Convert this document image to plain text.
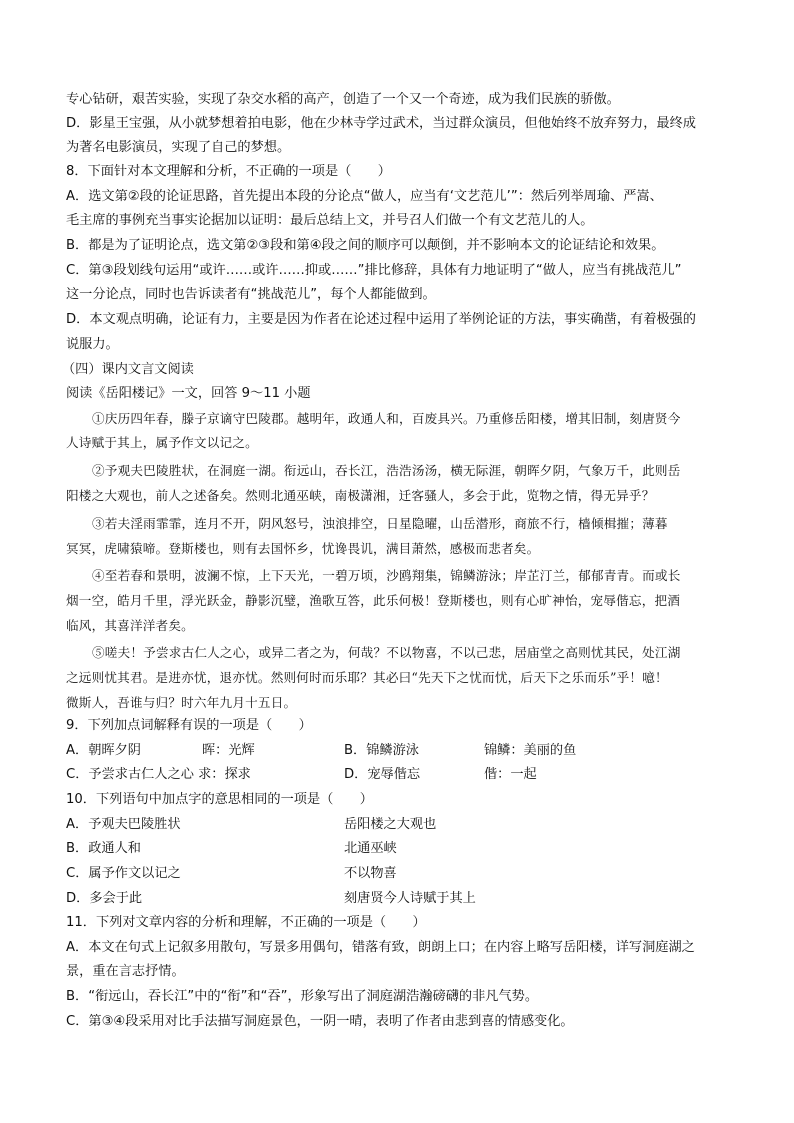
专心钻研，艰苦实验，实现了杂交水稻的高产，创造了一个又一个奇迹，成为我们民族的骄傲。
D．影星王宝强，从小就梦想着拍电影，他在少林寺学过武术，当过群众演员，但他始终不放弃努力，最终成
为著名电影演员，实现了自己的梦想。
8．下面针对本文理解和分析，不正确的一项是（　　）
A．选文第②段的论证思路，首先提出本段的分论点“做人，应当有‘文艺范儿’”：然后列举周瑜、严嵩、
毛主席的事例充当事实论据加以证明：最后总结上文，并号召人们做一个有文艺范儿的人。
B．都是为了证明论点，选文第②③段和第④段之间的顺序可以颠倒，并不影响本文的论证结论和效果。
C．第③段划线句运用“或许……或许……抑或……”排比修辞，具体有力地证明了“做人，应当有挑战范儿”
这一分论点，同时也告诉读者有“挑战范儿”，每个人都能做到。
D．本文观点明确，论证有力，主要是因为作者在论述过程中运用了举例论证的方法，事实确凿，有着极强的
说服力。
（四）课内文言文阅读
阅读《岳阳楼记》一文，回答 9～11 小题
①庆历四年春，滕子京谪守巴陵郡。越明年，政通人和，百废具兴。乃重修岳阳楼，增其旧制，刻唐贤今
人诗赋于其上，属予作文以记之。
②予观夫巴陵胜状，在洞庭一湖。衔远山，吞长江，浩浩汤汤，横无际涯，朝晖夕阴，气象万千，此则岳
阳楼之大观也，前人之述备矣。然则北通巫峡，南极潇湘，迁客骚人，多会于此，览物之情，得无异乎？
③若夫淫雨霏霏，连月不开，阴风怒号，浊浪排空，日星隐曜，山岳潜形，商旅不行，樯倾楫摧；薄暮
冥冥，虎啸猿啼。登斯楼也，则有去国怀乡，忧谗畏讥，满目萧然，感极而悲者矣。
④至若春和景明，波澜不惊，上下天光，一碧万顷，沙鸥翔集，锦鳞游泳；岸芷汀兰，郁郁青青。而或长
烟一空，皓月千里，浮光跃金，静影沉璧，渔歌互答，此乐何极！登斯楼也，则有心旷神怡，宠辱偕忘，把酒
临风，其喜洋洋者矣。
⑤嗟夫！予尝求古仁人之心，或异二者之为，何哉？不以物喜，不以己悲，居庙堂之高则忧其民，处江湖
之远则忧其君。是进亦忧，退亦忧。然则何时而乐耶？其必曰“先天下之忧而忧，后天下之乐而乐”乎！噫！
微斯人，吾谁与归？时六年九月十五日。
9．下列加点词解释有误的一项是（　　）
A．朝晖夕阴	晖：光辉	B．锦鳞游泳	锦鳞：美丽的鱼
C．予尝求古仁人之心 求：探求	D．宠辱偕忘	偕：一起
10．下列语句中加点字的意思相同的一项是（　　）
A．予观夫巴陵胜状	岳阳楼之大观也
B．政通人和	北通巫峡
C．属予作文以记之	不以物喜
D．多会于此	刻唐贤今人诗赋于其上
11．下列对文章内容的分析和理解，不正确的一项是（　　）
A．本文在句式上记叙多用散句，写景多用偶句，错落有致，朗朗上口；在内容上略写岳阳楼，详写洞庭湖之
景，重在言志抒情。
B．“衔远山，吞长江”中的“衔”和“吞”，形象写出了洞庭湖浩瀚磅礴的非凡气势。
C．第③④段采用对比手法描写洞庭景色，一阴一晴，表明了作者由悲到喜的情感变化。
